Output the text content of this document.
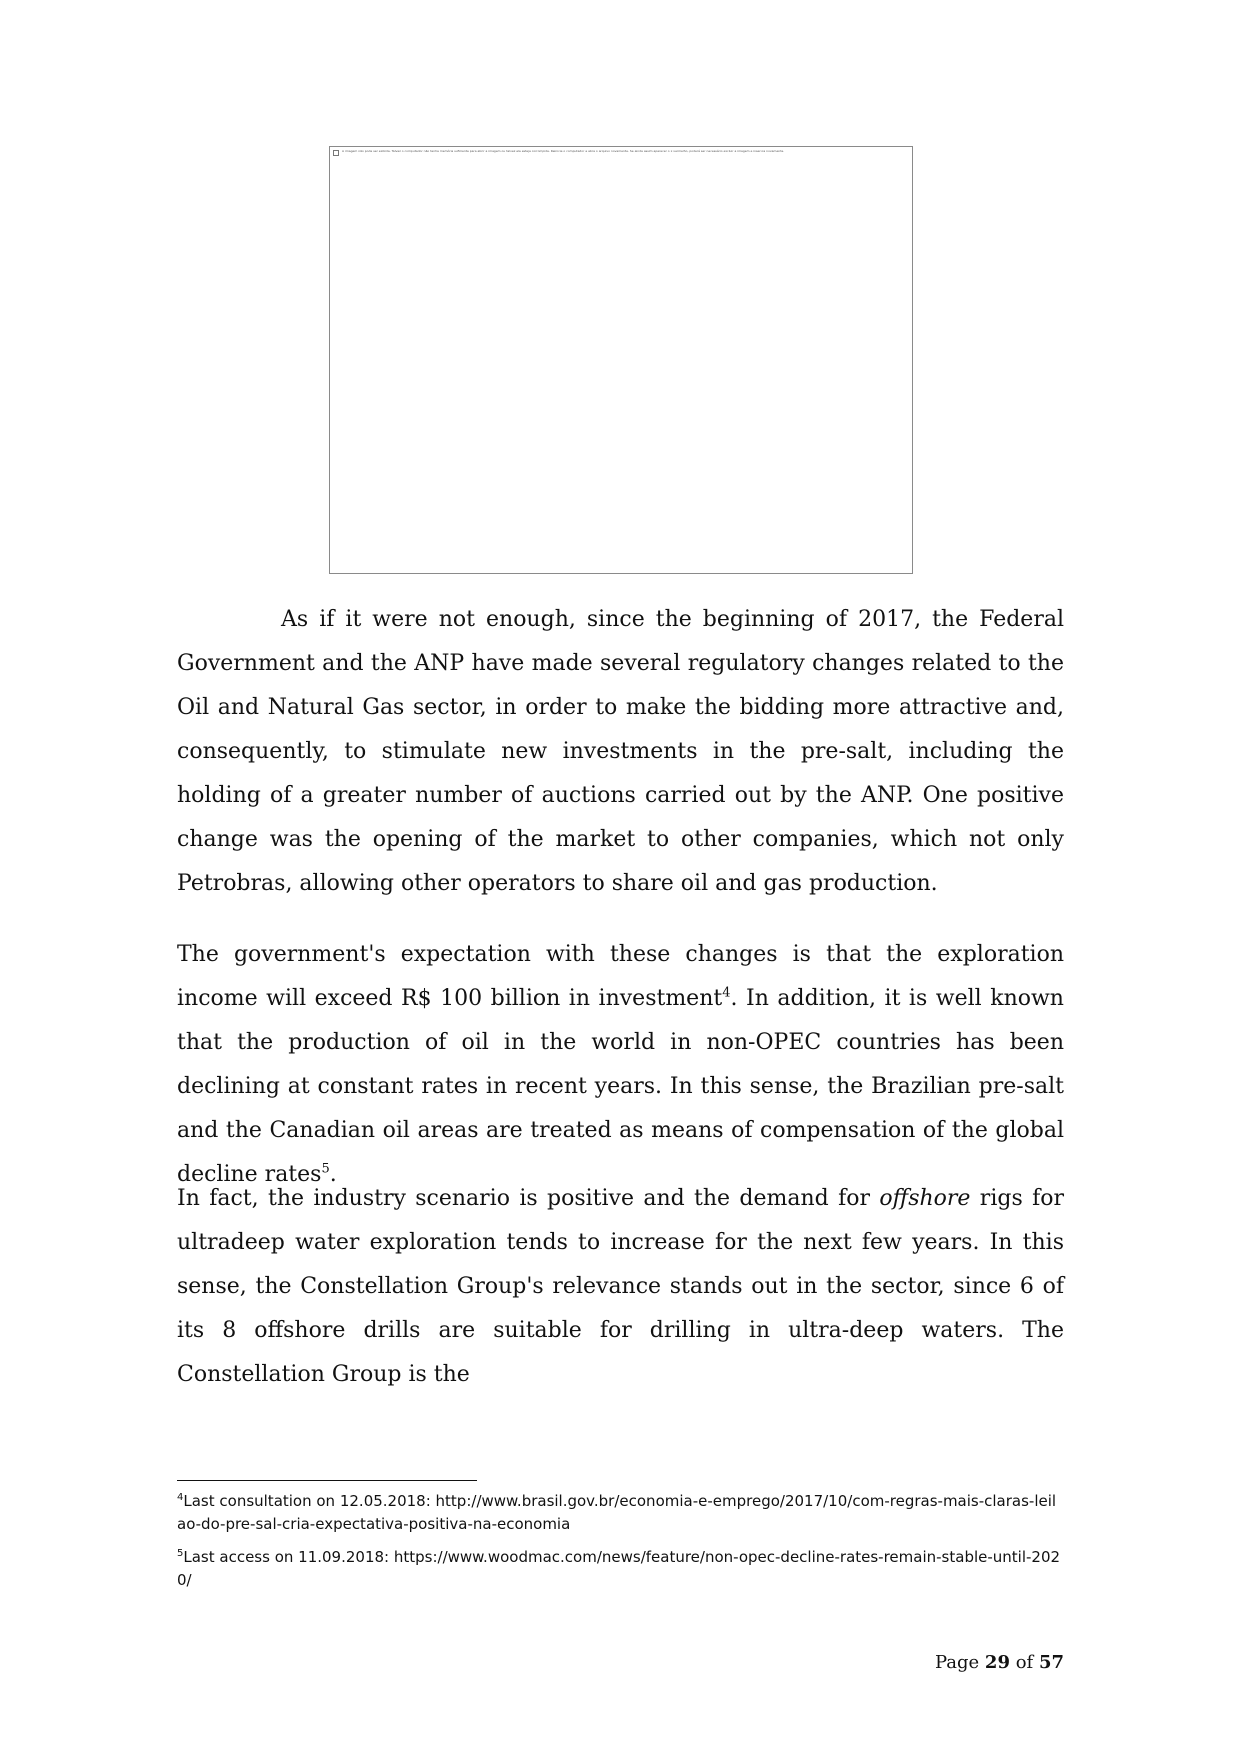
A imagem não pode ser exibida. Talvez o computador não tenha memória suficiente para abrir a imagem ou talvez ela esteja corrompida. Reinicie o computador e abra o arquivo novamente. Se ainda assim aparecer o x vermelho, poderá ser necessário excluir a imagem e inseri-la novamente.

As if it were not enough, since the beginning of 2017, the Federal Government and the ANP have made several regulatory changes related to the Oil and Natural Gas sector, in order to make the bidding more attractive and, consequently, to stimulate new investments in the pre-salt, including the holding of a greater number of auctions carried out by the ANP. One positive change was the opening of the market to other companies, which not only Petrobras, allowing other operators to share oil and gas production.

The government's expectation with these changes is that the exploration income will exceed R$ 100 billion in investment$^4$. In addition, it is well known that the production of oil in the world in non-OPEC countries has been declining at constant rates in recent years. In this sense, the Brazilian pre-salt and the Canadian oil areas are treated as means of compensation of the global decline rates$^5$.

In fact, the industry scenario is positive and the demand for offshore rigs for ultradeep water exploration tends to increase for the next few years. In this sense, the Constellation Group's relevance stands out in the sector, since 6 of its 8 offshore drills are suitable for drilling in ultra-deep waters. The Constellation Group is the

$^4$Last consultation on 12.05.2018: http://www.brasil.gov.br/economia-e-emprego/2017/10/com-regras-mais-claras-leilao-do-pre-sal-cria-expectativa-positiva-na-economia

$^5$Last access on 11.09.2018: https://www.woodmac.com/news/feature/non-opec-decline-rates-remain-stable-until-2020/

Page 29 of 57
